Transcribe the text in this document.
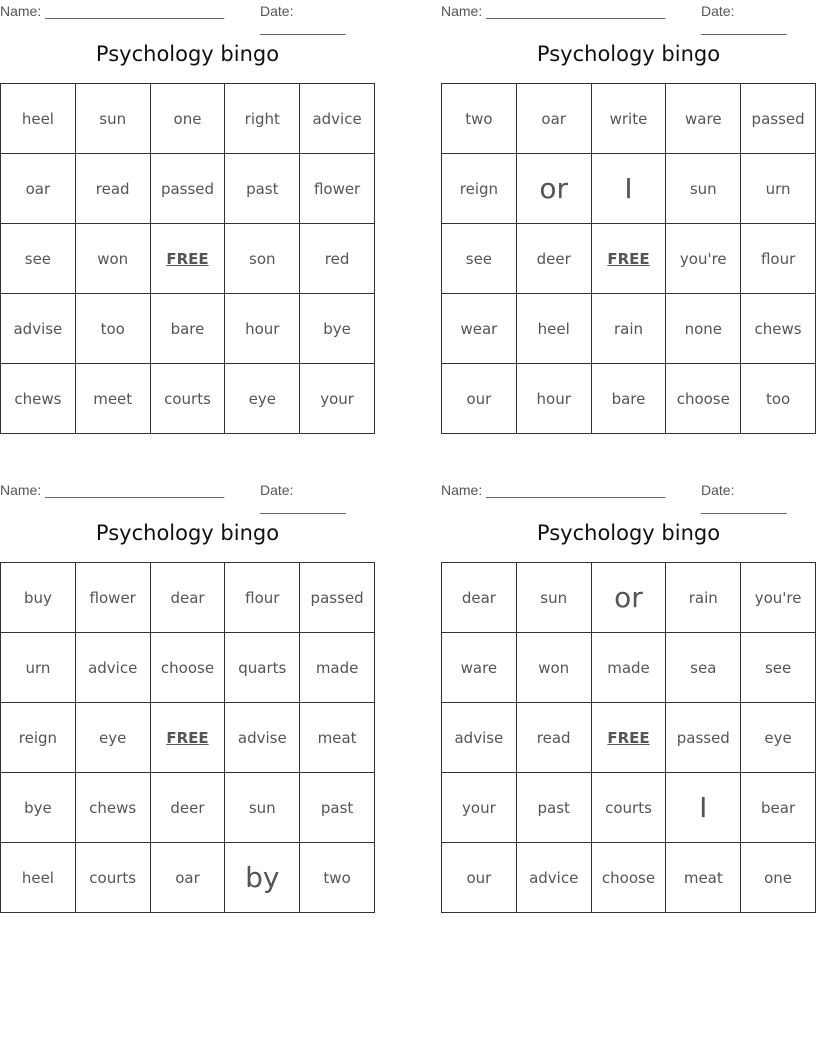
Name: _______________________	Date: ___________
Psychology bingo
heel	sun	one	right	advice
oar	read	passed	past	flower
see	won	FREE	son	red
advise	too	bare	hour	bye
chews	meet	courts	eye	your
Name: _______________________	Date: ___________
Psychology bingo
two	oar	write	ware	passed
reign	or	I	sun	urn
see	deer	FREE	you're	flour
wear	heel	rain	none	chews
our	hour	bare	choose	too
Name: _______________________	Date: ___________
Psychology bingo
buy	flower	dear	flour	passed
urn	advice	choose	quarts	made
reign	eye	FREE	advise	meat
bye	chews	deer	sun	past
heel	courts	oar	by	two
Name: _______________________	Date: ___________
Psychology bingo
dear	sun	or	rain	you're
ware	won	made	sea	see
advise	read	FREE	passed	eye
your	past	courts	I	bear
our	advice	choose	meat	one
